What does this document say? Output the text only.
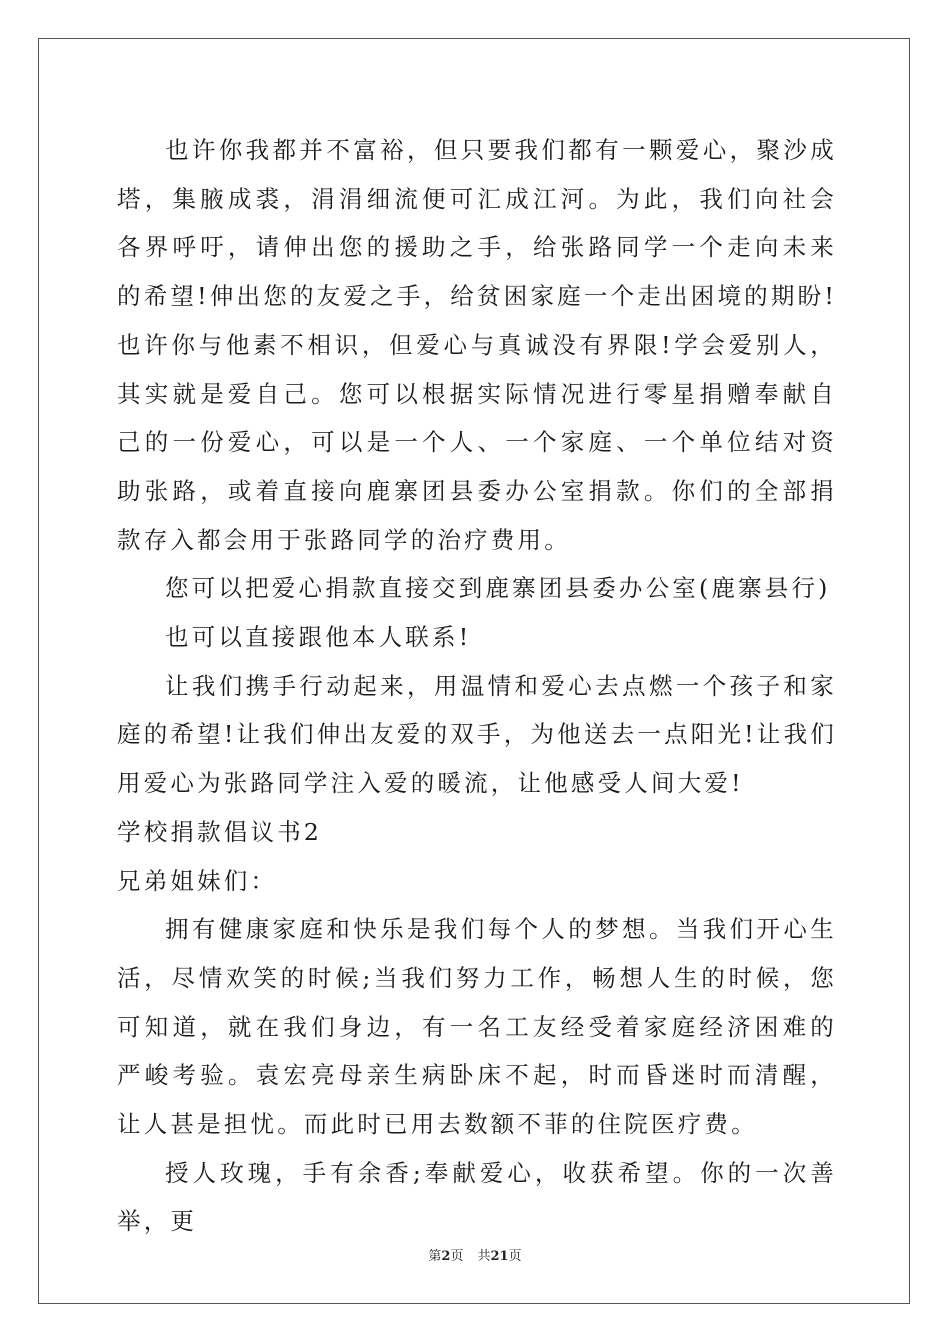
也许你我都并不富裕，但只要我们都有一颗爱心，聚沙成塔，集腋成裘，涓涓细流便可汇成江河。为此，我们向社会各界呼吁，请伸出您的援助之手，给张路同学一个走向未来的希望!伸出您的友爱之手，给贫困家庭一个走出困境的期盼!也许你与他素不相识，但爱心与真诚没有界限!学会爱别人，其实就是爱自己。您可以根据实际情况进行零星捐赠奉献自己的一份爱心，可以是一个人、一个家庭、一个单位结对资助张路，或着直接向鹿寨团县委办公室捐款。你们的全部捐款存入都会用于张路同学的治疗费用。

您可以把爱心捐款直接交到鹿寨团县委办公室(鹿寨县行)

也可以直接跟他本人联系!

让我们携手行动起来，用温情和爱心去点燃一个孩子和家庭的希望!让我们伸出友爱的双手，为他送去一点阳光!让我们用爱心为张路同学注入爱的暖流，让他感受人间大爱!

学校捐款倡议书2

兄弟姐妹们：

拥有健康家庭和快乐是我们每个人的梦想。当我们开心生活，尽情欢笑的时候;当我们努力工作，畅想人生的时候，您可知道，就在我们身边，有一名工友经受着家庭经济困难的严峻考验。袁宏亮母亲生病卧床不起，时而昏迷时而清醒，让人甚是担忧。而此时已用去数额不菲的住院医疗费。

授人玫瑰，手有余香;奉献爱心，收获希望。你的一次善举，更

第2页 共21页
